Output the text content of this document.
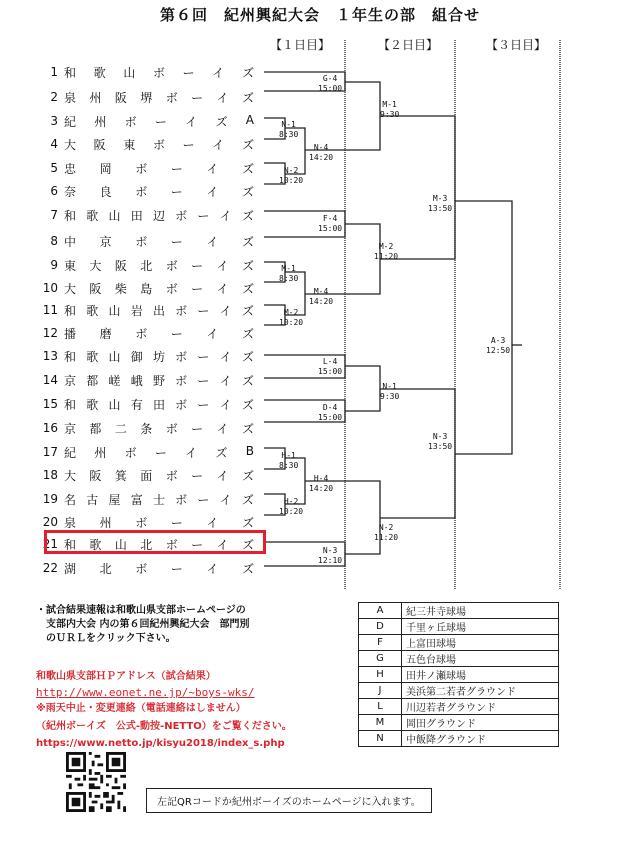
第６回　紀州興紀大会　１年生の部　組合せ
【１日目】	【２日目】	【３日目】
1 和 歌 山 ボ ー イ ズ
2 泉 州 阪 堺 ボ ー イ ズ
3 紀 州 ボ ー イ ズ A
4 大 阪 東 ボ ー イ ズ
5 忠 岡 ボ ー イ ズ
6 奈 良 ボ ー イ ズ
7 和 歌 山 田 辺 ボ ー イ ズ
8 中 京 ボ ー イ ズ
9 東 大 阪 北 ボ ー イ ズ
10 大 阪 柴 島 ボ ー イ ズ
11 和 歌 山 岩 出 ボ ー イ ズ
12 播 磨 ボ ー イ ズ
13 和 歌 山 御 坊 ボ ー イ ズ
14 京 都 嵯 峨 野 ボ ー イ ズ
15 和 歌 山 有 田 ボ ー イ ズ
16 京 都 二 条 ボ ー イ ズ
17 紀 州 ボ ー イ ズ B
18 大 阪 箕 面 ボ ー イ ズ
19 名 古 屋 富 士 ボ ー イ ズ
20 泉 州 ボ ー イ ズ
21 和 歌 山 北 ボ ー イ ズ
22 湖 北 ボ ー イ ズ
G-4
15:00
N-1
8:30
N-4
14:20
N-2
10:20
F-4
15:00
M-1
8:30
M-4
14:20
M-2
10:20
L-4
15:00
D-4
15:00
H-1
8:30
H-4
14:20
H-2
10:20
N-3
12:10
M-1
9:30
M-2
11:20
N-1
9:30
N-2
11:20
M-3
13:50
N-3
13:50
A-3
12:50
・試合結果速報は和歌山県支部ホームページの
　支部内大会 内の第６回紀州興紀大会　部門別
　のＵＲＬをクリック下さい。
和歌山県支部ＨＰアドレス（試合結果）
http://www.eonet.ne.jp/~boys-wks/
※雨天中止・変更連絡（電話連絡はしません）
（紀州ボーイズ　公式-動按-NETTO）をご覧ください。
https://www.netto.jp/kisyu2018/index_s.php
A	紀三井寺球場
D	千里ヶ丘球場
F	上富田球場
G	五色台球場
H	田井ノ瀬球場
J	美浜第二若者グラウンド
L	川辺若者グラウンド
M	岡田グラウンド
N	中飯降グラウンド
左記QRコードか紀州ボーイズのホームページに入れます。
